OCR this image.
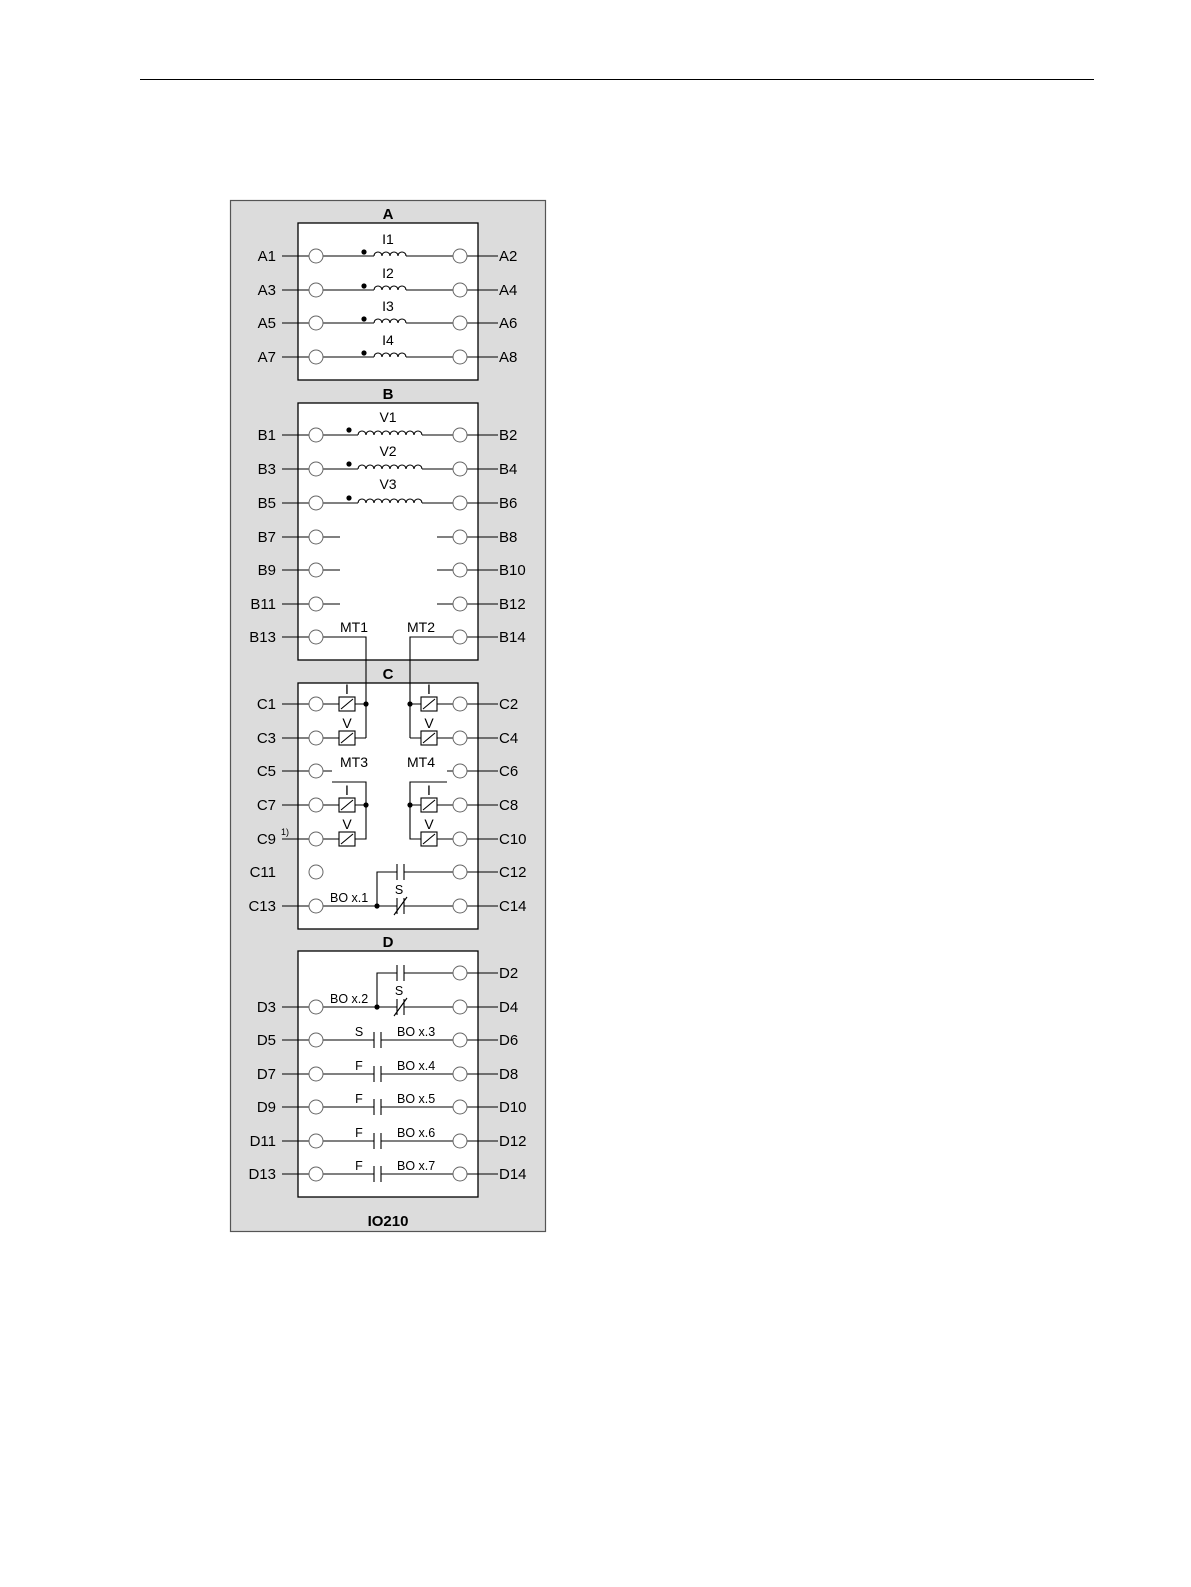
A
B
C
D
IO210
A1
A3
A5
A7
A2
A4
A6
A8
I1
I2
I3
I4
B1
B3
B5
B7
B9
B11
B13
B2
B4
B6
B8
B10
B12
B14
V1
V2
V3
MT1	MT2
C1
C3
C5
C7
C9
C11
C13
C2
C4
C6
C8
C10
C12
C14
1)
I
V
I
V
MT3	MT4
I
V
I
V
BO x.1
S
D3
D5
D7
D9
D11
D13
D2
D4
D6
D8
D10
D12
D14
BO x.2
S
S	BO x.3
F	BO x.4
F	BO x.5
F	BO x.6
F	BO x.7
